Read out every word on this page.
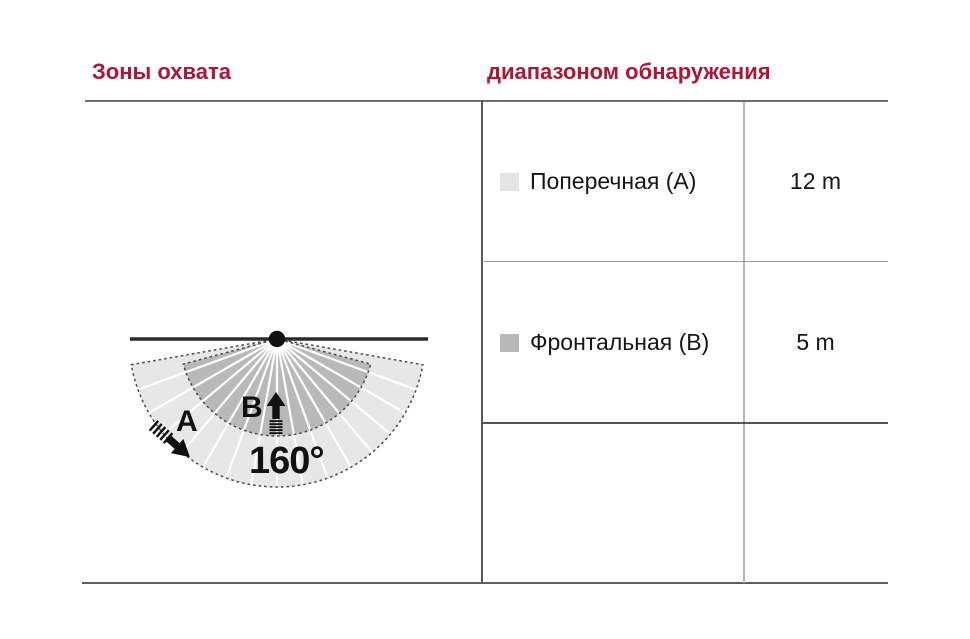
Зоны охвата	диапазоном обнаружения
Поперечная (A)	12 m
Фронтальная (B)	5 m
B
A
160°
